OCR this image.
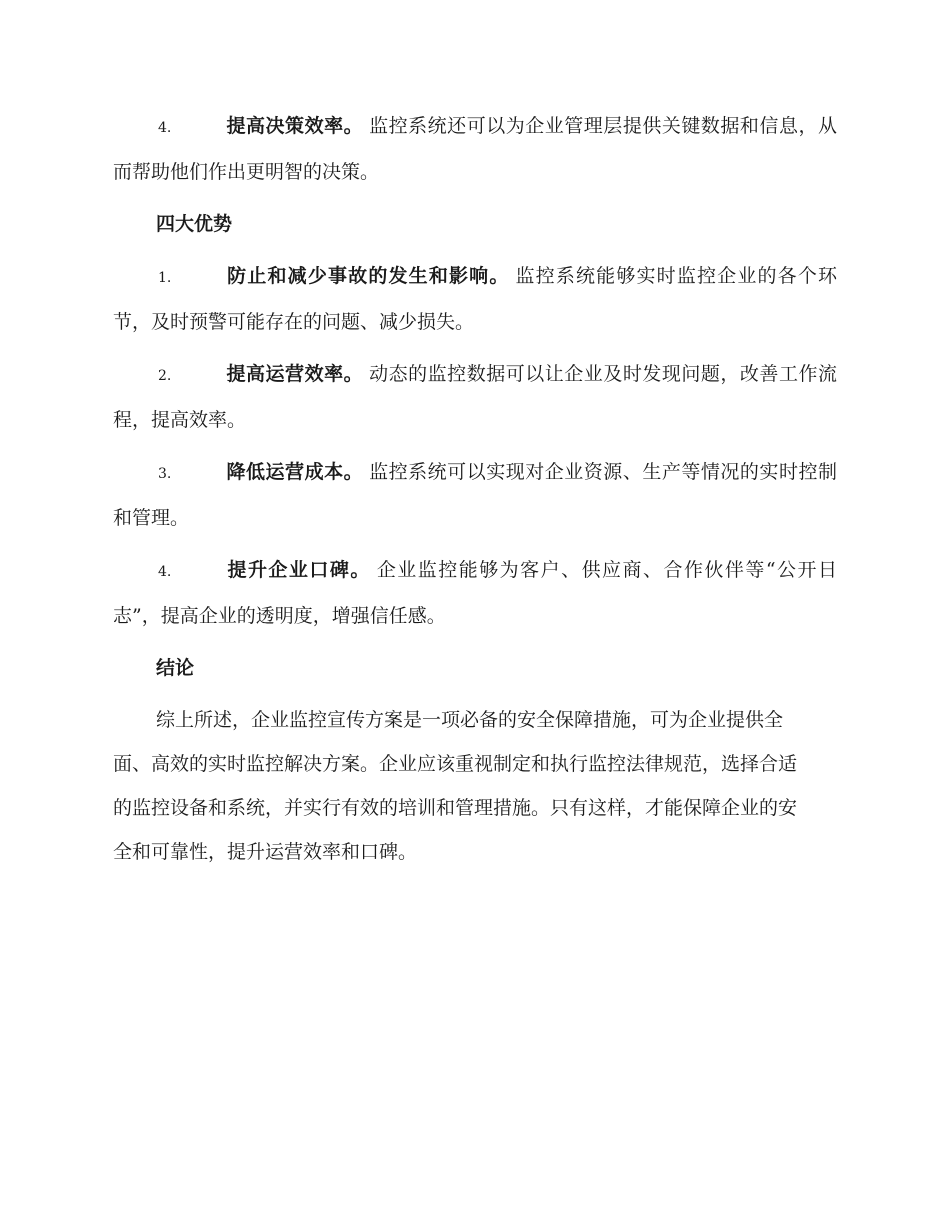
4.	提高决策效率。 监控系统还可以为企业管理层提供关键数据和信息，从而帮助他们作出更明智的决策。

四大优势

1.	防止和减少事故的发生和影响。 监控系统能够实时监控企业的各个环节，及时预警可能存在的问题、减少损失。

2.	提高运营效率。 动态的监控数据可以让企业及时发现问题，改善工作流程，提高效率。

3.	降低运营成本。 监控系统可以实现对企业资源、生产等情况的实时控制和管理。

4.	提升企业口碑。 企业监控能够为客户、供应商、合作伙伴等“公开日志”，提高企业的透明度，增强信任感。

结论

综上所述，企业监控宣传方案是一项必备的安全保障措施，可为企业提供全面、高效的实时监控解决方案。企业应该重视制定和执行监控法律规范，选择合适的监控设备和系统，并实行有效的培训和管理措施。只有这样，才能保障企业的安全和可靠性，提升运营效率和口碑。
